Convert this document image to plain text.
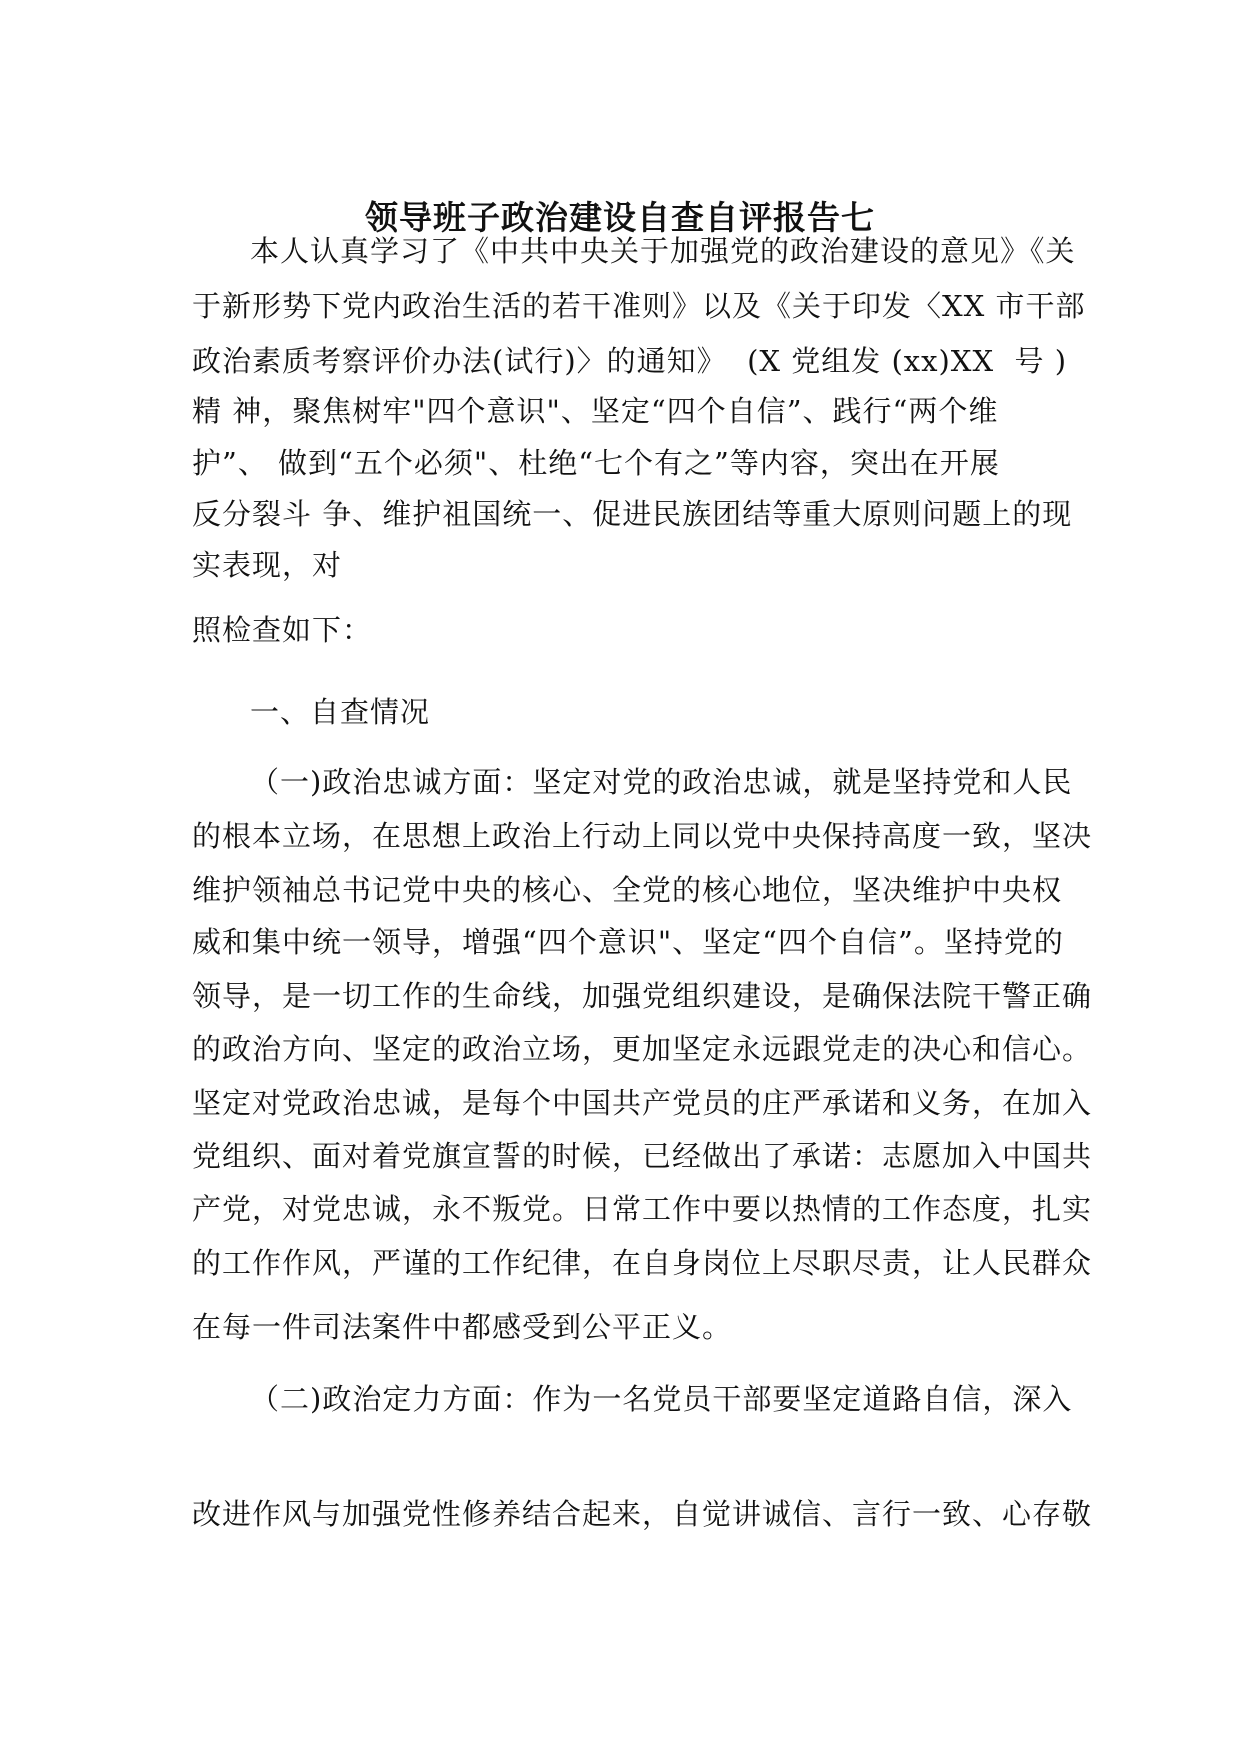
领导班子政治建设自查自评报告七
本人认真学习了《中共中央关于加强党的政治建设的意见》《关
于新形势下党内政治生活的若干准则》以及《关于印发〈XX 市干部
政治素质考察评价办法(试行)〉的通知》  (X 党组发 (xx)XX  号 )
精 神，聚焦树牢"四个意识"、坚定“四个自信”、践行“两个维
护”、 做到“五个必须"、杜绝“七个有之”等内容，突出在开展
反分裂斗 争、维护祖国统一、促进民族团结等重大原则问题上的现
实表现，对
照检查如下：
一、自查情况
（一)政治忠诚方面：坚定对党的政治忠诚，就是坚持党和人民
的根本立场，在思想上政治上行动上同以党中央保持高度一致，坚决
维护领袖总书记党中央的核心、全党的核心地位，坚决维护中央权
威和集中统一领导，增强“四个意识"、坚定“四个自信”。坚持党的
领导，是一切工作的生命线，加强党组织建设，是确保法院干警正确
的政治方向、坚定的政治立场，更加坚定永远跟党走的决心和信心。
坚定对党政治忠诚，是每个中国共产党员的庄严承诺和义务，在加入
党组织、面对着党旗宣誓的时候，已经做出了承诺：志愿加入中国共
产党，对党忠诚，永不叛党。日常工作中要以热情的工作态度，扎实
的工作作风，严谨的工作纪律，在自身岗位上尽职尽责，让人民群众
在每一件司法案件中都感受到公平正义。
（二)政治定力方面：作为一名党员干部要坚定道路自信，深入
改进作风与加强党性修养结合起来，自觉讲诚信、言行一致、心存敬
